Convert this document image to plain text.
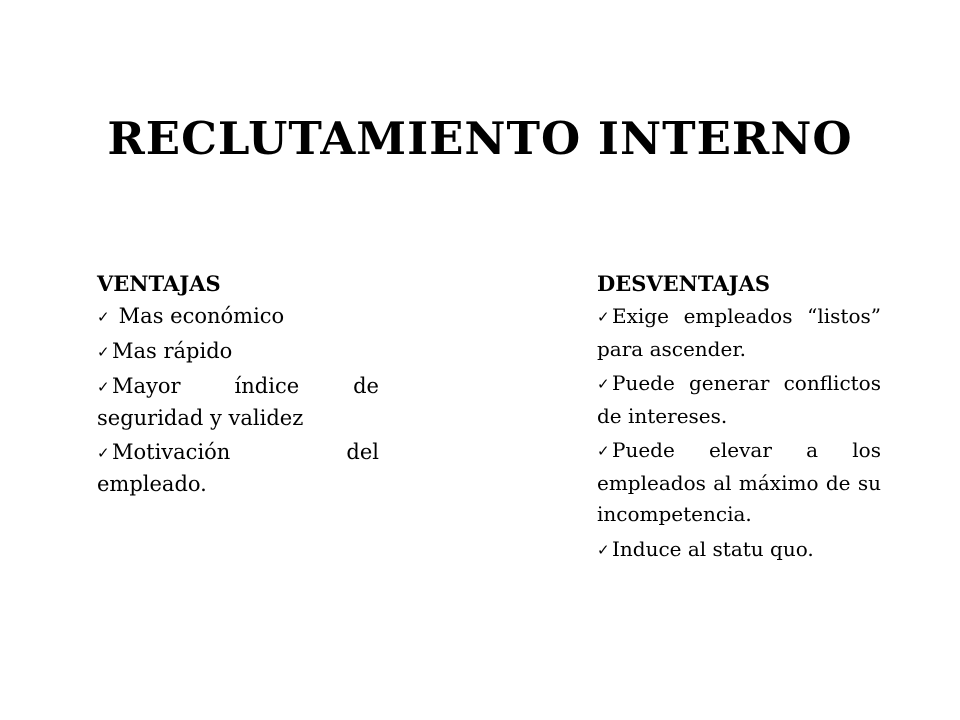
RECLUTAMIENTO INTERNO
VENTAJAS
✓ Mas económico
✓ Mas rápido
✓ Mayor índice de seguridad y validez
✓ Motivación del empleado.
DESVENTAJAS
✓ Exige empleados “listos” para ascender.
✓ Puede generar conflictos de intereses.
✓ Puede elevar a los empleados al máximo de su incompetencia.
✓ Induce al statu quo.
